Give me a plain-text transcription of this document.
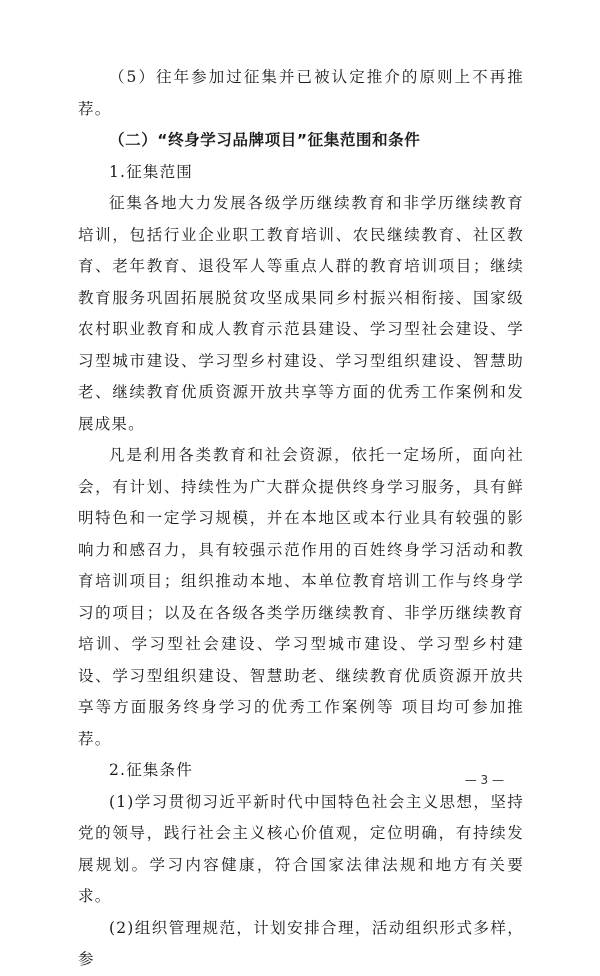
（5）往年参加过征集并已被认定推介的原则上不再推荐。

（二）“终身学习品牌项目”征集范围和条件

1.征集范围

征集各地大力发展各级学历继续教育和非学历继续教育培训，包括行业企业职工教育培训、农民继续教育、社区教育、老年教育、退役军人等重点人群的教育培训项目；继续教育服务巩固拓展脱贫攻坚成果同乡村振兴相衔接、国家级农村职业教育和成人教育示范县建设、学习型社会建设、学习型城市建设、学习型乡村建设、学习型组织建设、智慧助老、继续教育优质资源开放共享等方面的优秀工作案例和发展成果。

凡是利用各类教育和社会资源，依托一定场所，面向社会，有计划、持续性为广大群众提供终身学习服务，具有鲜明特色和一定学习规模，并在本地区或本行业具有较强的影响力和感召力，具有较强示范作用的百姓终身学习活动和教育培训项目；组织推动本地、本单位教育培训工作与终身学习的项目；以及在各级各类学历继续教育、非学历继续教育培训、学习型社会建设、学习型城市建设、学习型乡村建设、学习型组织建设、智慧助老、继续教育优质资源开放共享等方面服务终身学习的优秀工作案例等 项目均可参加推荐。

2.征集条件

(1)学习贯彻习近平新时代中国特色社会主义思想，坚持党的领导，践行社会主义核心价值观，定位明确，有持续发展规划。学习内容健康，符合国家法律法规和地方有关要求。

(2)组织管理规范，计划安排合理，活动组织形式多样，参

— 3 —
